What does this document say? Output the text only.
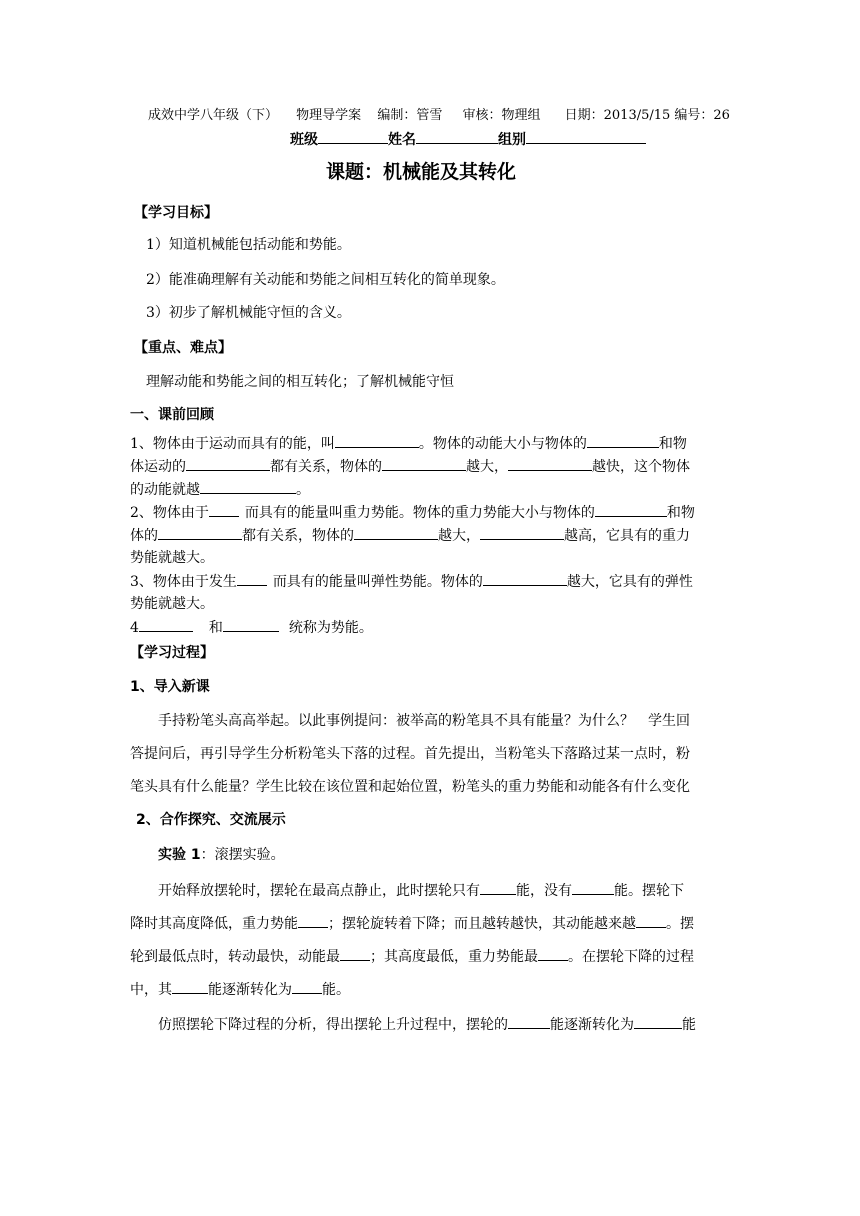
成效中学八年级（下） 物理导学案 编制：管雪 审核：物理组 日期：2013/5/15 编号：26
班级	姓名	组别
课题：机械能及其转化
【学习目标】
1）知道机械能包括动能和势能。
2）能准确理解有关动能和势能之间相互转化的简单现象。
3）初步了解机械能守恒的含义。
【重点、难点】
理解动能和势能之间的相互转化；了解机械能守恒
一、课前回顾
1、物体由于运动而具有的能，叫	。物体的动能大小与物体的	和物
体运动的	都有关系，物体的	越大，	越快，这个物体
的动能就越	。
2、物体由于	而具有的能量叫重力势能。物体的重力势能大小与物体的	和物
体的	都有关系，物体的	越大，	越高，它具有的重力
势能就越大。
3、物体由于发生	而具有的能量叫弹性势能。物体的	越大，它具有的弹性
势能就越大。
4	和	统称为势能。
【学习过程】
1、导入新课
手持粉笔头高高举起。以此事例提问：被举高的粉笔具不具有能量？为什么？　学生回
答提问后，再引导学生分析粉笔头下落的过程。首先提出，当粉笔头下落路过某一点时，粉
笔头具有什么能量？学生比较在该位置和起始位置，粉笔头的重力势能和动能各有什么变化
2、合作探究、交流展示
实验 1：滚摆实验。
开始释放摆轮时，摆轮在最高点静止，此时摆轮只有	能，没有	能。摆轮下
降时其高度降低，重力势能 ；摆轮旋转着下降；而且越转越快，其动能越来越 。摆
轮到最低点时，转动最快，动能最 ；其高度最低，重力势能最 。在摆轮下降的过程
中，其	能逐渐转化为 能。
仿照摆轮下降过程的分析，得出摆轮上升过程中，摆轮的	能逐渐转化为	能
